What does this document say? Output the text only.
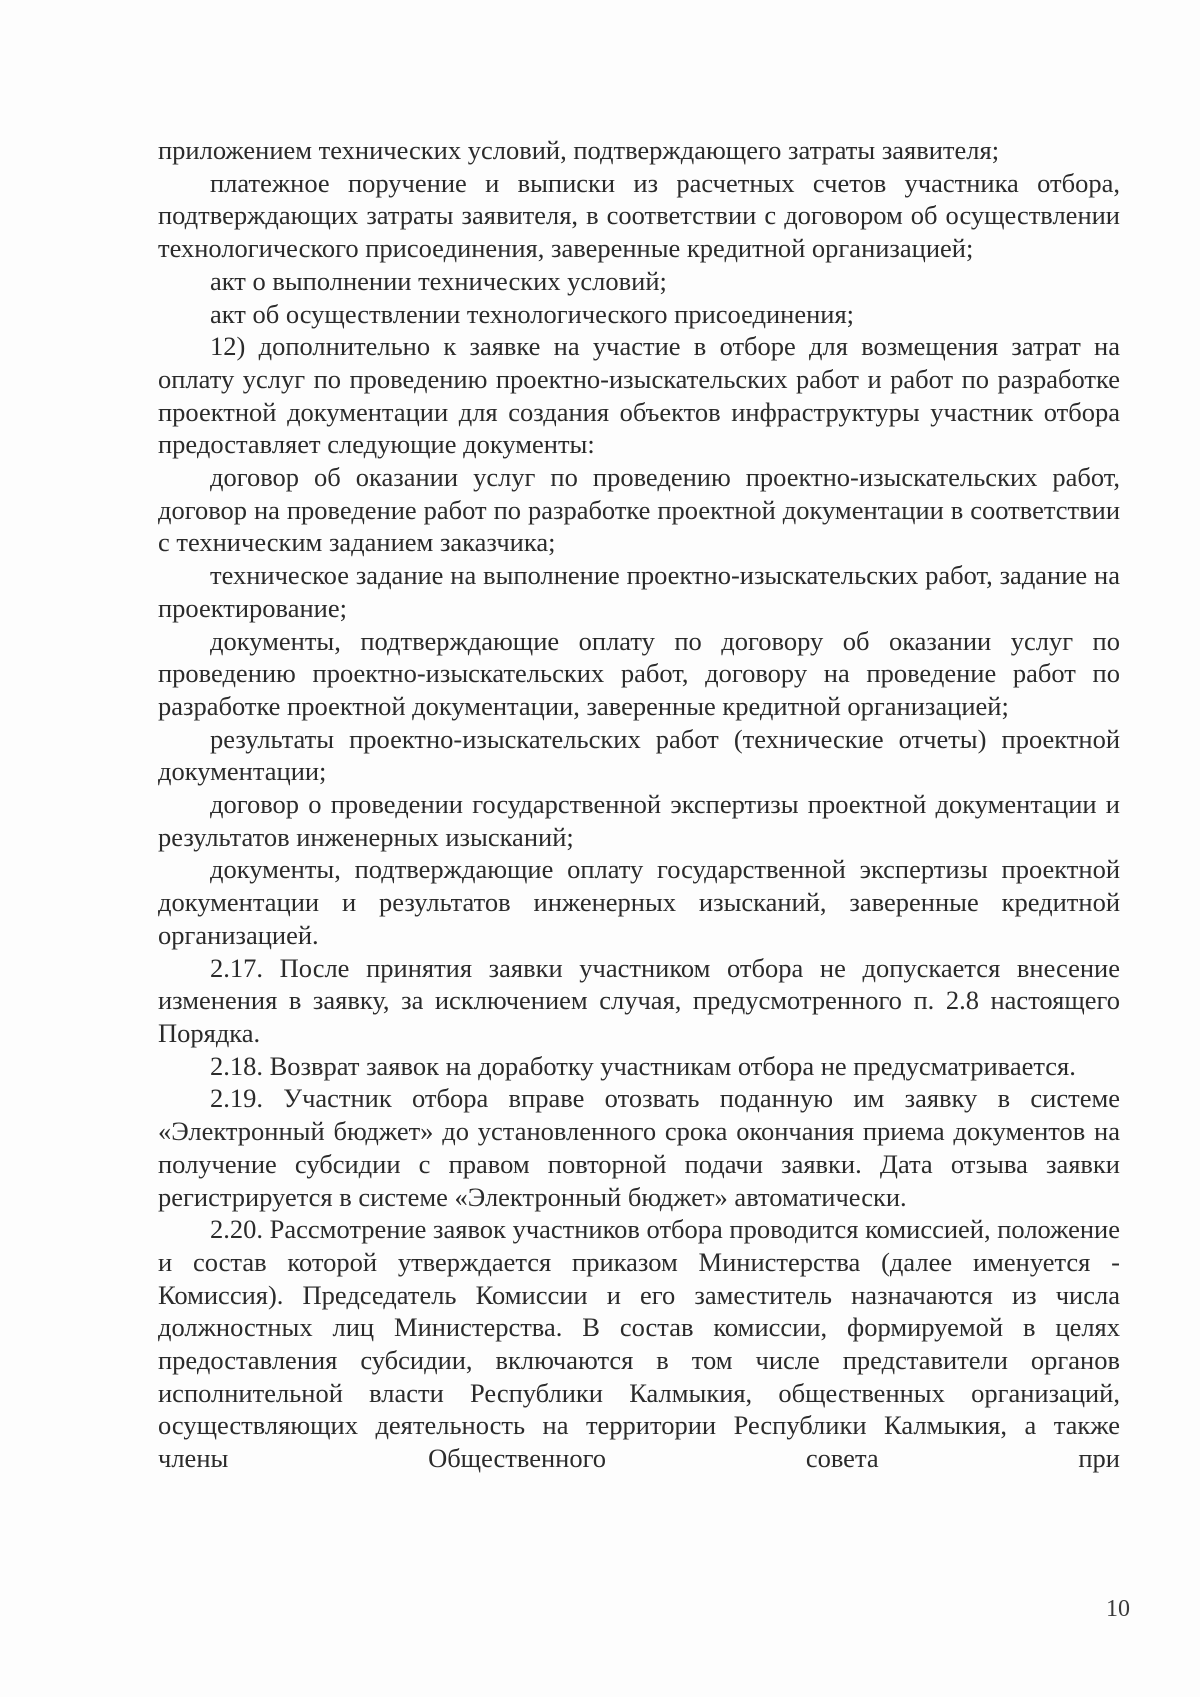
приложением технических условий, подтверждающего затраты заявителя;

платежное поручение и выписки из расчетных счетов участника отбора, подтверждающих затраты заявителя, в соответствии с договором об осуществлении технологического присоединения, заверенные кредитной организацией;

акт о выполнении технических условий;

акт об осуществлении технологического присоединения;

12) дополнительно к заявке на участие в отборе для возмещения затрат на оплату услуг по проведению проектно-изыскательских работ и работ по разработке проектной документации для создания объектов инфраструктуры участник отбора предоставляет следующие документы:

договор об оказании услуг по проведению проектно-изыскательских работ, договор на проведение работ по разработке проектной документации в соответствии с техническим заданием заказчика;

техническое задание на выполнение проектно-изыскательских работ, задание на проектирование;

документы, подтверждающие оплату по договору об оказании услуг по проведению проектно-изыскательских работ, договору на проведение работ по разработке проектной документации, заверенные кредитной организацией;

результаты проектно-изыскательских работ (технические отчеты) проектной документации;

договор о проведении государственной экспертизы проектной документации и результатов инженерных изысканий;

документы, подтверждающие оплату государственной экспертизы проектной документации и результатов инженерных изысканий, заверенные кредитной организацией.

2.17. После принятия заявки участником отбора не допускается внесение изменения в заявку, за исключением случая, предусмотренного п. 2.8 настоящего Порядка.

2.18. Возврат заявок на доработку участникам отбора не предусматривается.

2.19. Участник отбора вправе отозвать поданную им заявку в системе «Электронный бюджет» до установленного срока окончания приема документов на получение субсидии с правом повторной подачи заявки. Дата отзыва заявки регистрируется в системе «Электронный бюджет» автоматически.

2.20. Рассмотрение заявок участников отбора проводится комиссией, положение и состав которой утверждается приказом Министерства (далее именуется - Комиссия). Председатель Комиссии и его заместитель назначаются из числа должностных лиц Министерства. В состав комиссии, формируемой в целях предоставления субсидии, включаются в том числе представители органов исполнительной власти Республики Калмыкия, общественных организаций, осуществляющих деятельность на территории Республики Калмыкия, а также члены Общественного совета при

10
